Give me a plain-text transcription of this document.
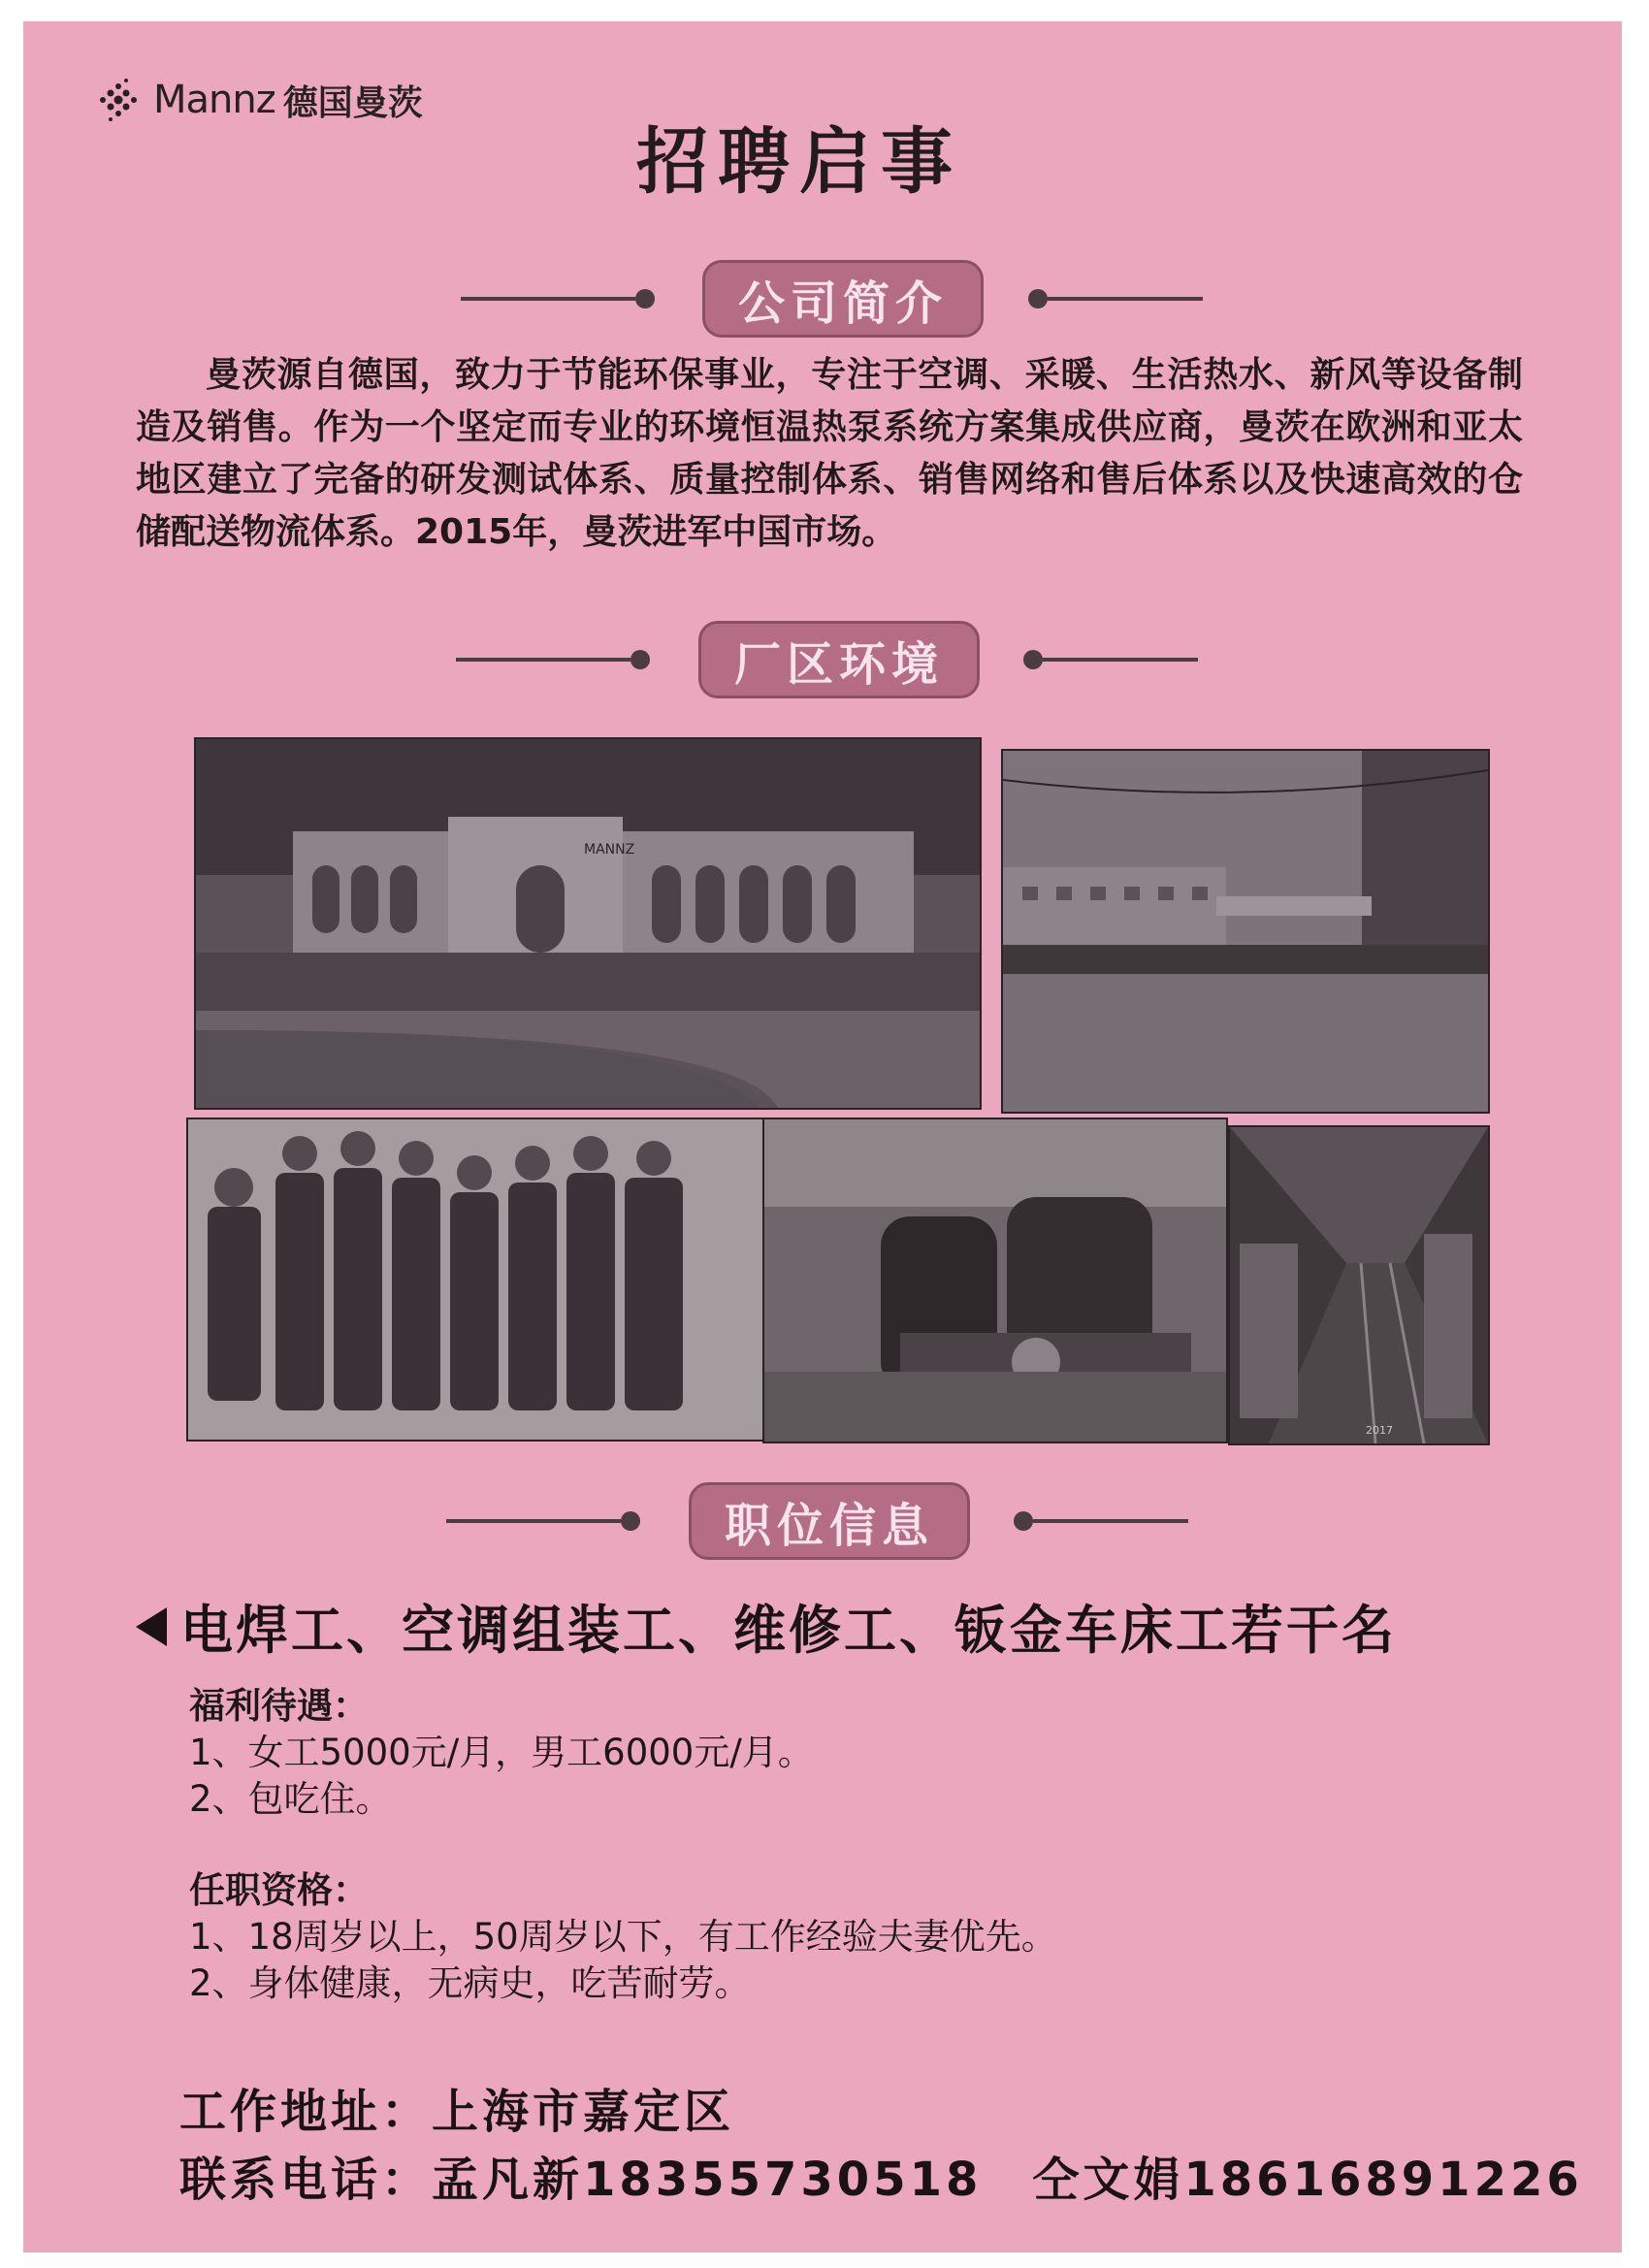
Mannz 德国曼茨
招聘启事
公司简介

曼茨源自德国，致力于节能环保事业，专注于空调、采暖、生活热水、新风等设备制造及销售。作为一个坚定而专业的环境恒温热泵系统方案集成供应商，曼茨在欧洲和亚太地区建立了完备的研发测试体系、质量控制体系、销售网络和售后体系以及快速高效的仓储配送物流体系。2015年，曼茨进军中国市场。

厂区环境
MANNZ
2017
职位信息
电焊工、空调组装工、维修工、钣金车床工若干名
福利待遇：
1、女工5000元/月，男工6000元/月。
2、包吃住。
任职资格：
1、18周岁以上，50周岁以下，有工作经验夫妻优先。
2、身体健康，无病史，吃苦耐劳。
工作地址：上海市嘉定区
联系电话：孟凡新18355730518　仝文娟18616891226
